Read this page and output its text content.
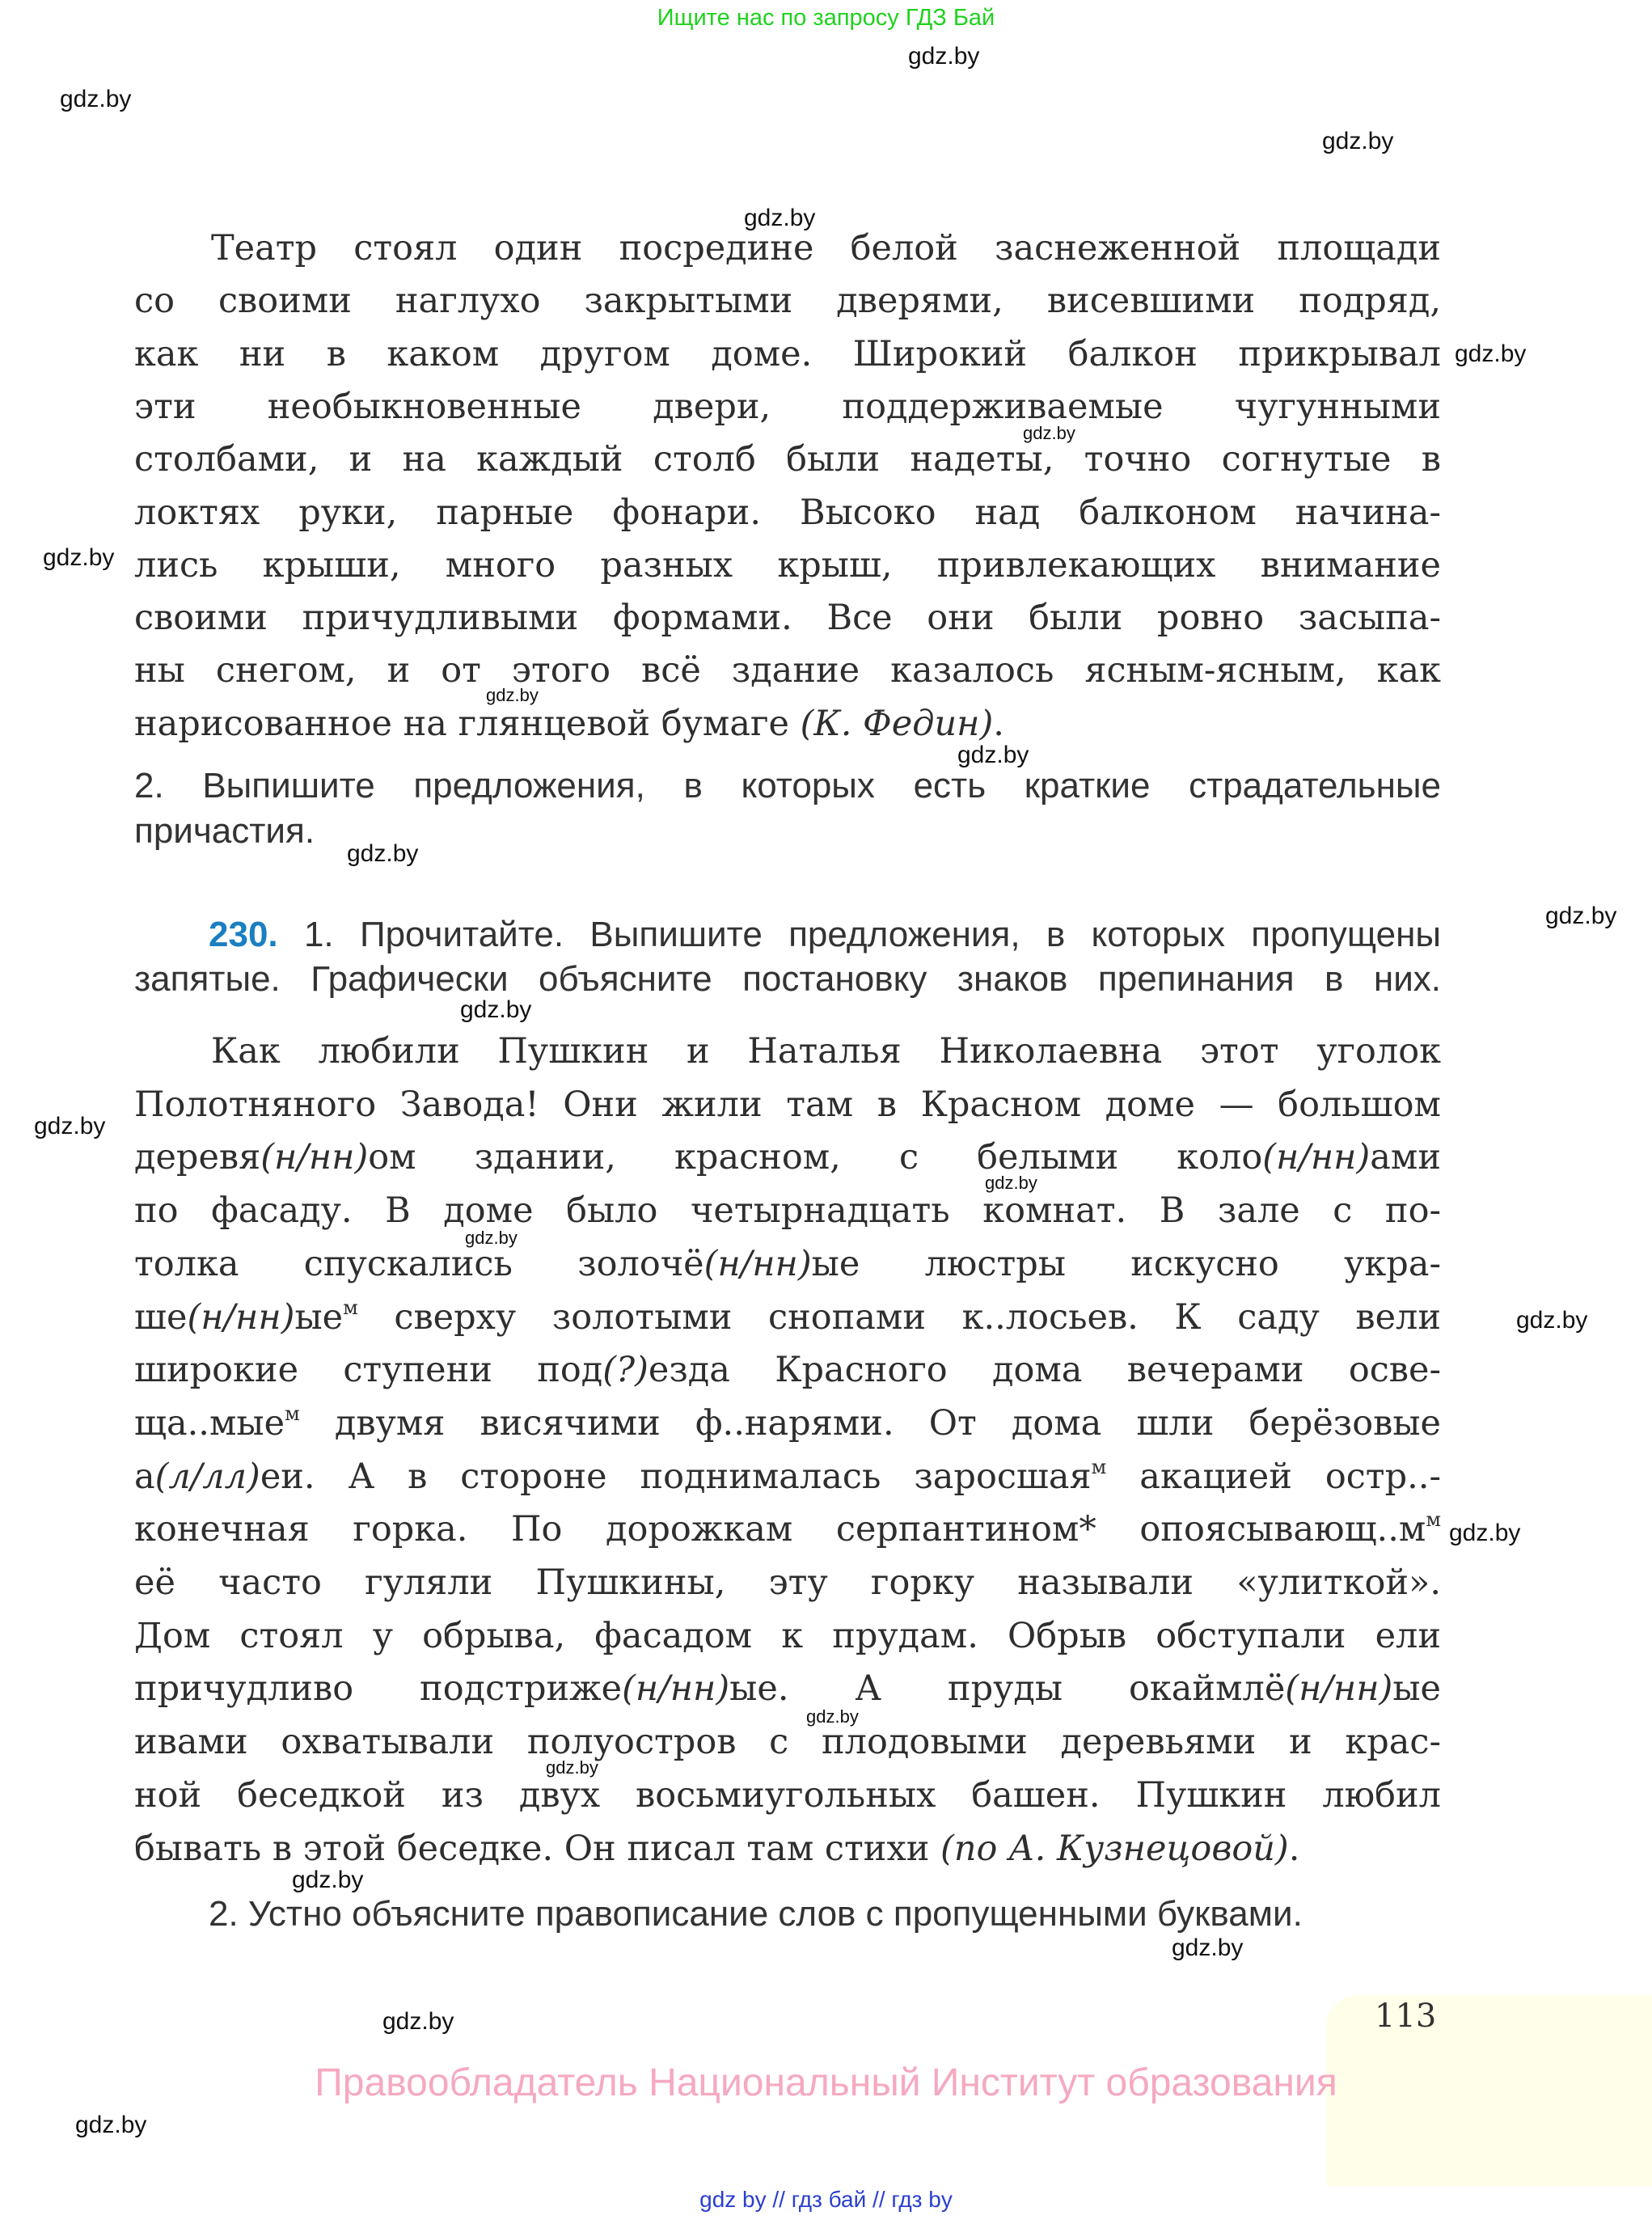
Ищите нас по запросу ГДЗ Бай
gdz.by
gdz.by
gdz.by
gdz.by
gdz.by
gdz.by
gdz.by
gdz.by
gdz.by
gdz.by
gdz.by
gdz.by
gdz.by
gdz.by
gdz.by
gdz.by
gdz.by
gdz.by
gdz.by
gdz.by
gdz.by
gdz.by
gdz.by
Театр стоял один посредине белой заснеженной площади
со своими наглухо закрытыми дверями, висевшими подряд,
как ни в каком другом доме. Широкий балкон прикрывал
эти необыкновенные двери, поддерживаемые чугунными
столбами, и на каждый столб были надеты, точно согнутые в
локтях руки, парные фонари. Высоко над балконом начина-
лись крыши, много разных крыш, привлекающих внимание
своими причудливыми формами. Все они были ровно засыпа-
ны снегом, и от этого всё здание казалось ясным-ясным, как
нарисованное на глянцевой бумаге (К. Федин).
2. Выпишите предложения, в которых есть краткие страдательные
причастия.
230. 1. Прочитайте. Выпишите предложения, в которых пропущены
запятые. Графически объясните постановку знаков препинания в них.
Как любили Пушкин и Наталья Николаевна этот уголок
Полотняного Завода! Они жили там в Красном доме — большом
деревя(н/нн)ом здании, красном, с белыми коло(н/нн)ами
по фасаду. В доме было четырнадцать комнат. В зале с по-
толка спускались золочё(н/нн)ые люстры искусно укра-
$ше(н/нн)ые^м$ сверху золотыми снопами к..лосьев. К саду вели
широкие ступени под(?)езда Красного дома вечерами осве-
ща..мые$^м$ двумя висячими ф..нарями. От дома шли берёзовые
а(л/лл)еи. А в стороне поднималась заросшая$^м$ акацией остр..-
конечная горка. По дорожкам серпантином* $опоясывающ..м^м$
её часто гуляли Пушкины, эту горку называли «улиткой».
Дом стоял у обрыва, фасадом к прудам. Обрыв обступали ели
причудливо подстриже(н/нн)ые. А пруды окаймлё(н/нн)ые
ивами охватывали полуостров с плодовыми деревьями и крас-
ной беседкой из двух восьмиугольных башен. Пушкин любил
бывать в этой беседке. Он писал там стихи (по А. Кузнецовой).
2. Устно объясните правописание слов с пропущенными буквами.
113
Правообладатель Национальный Институт образования
gdz by // гдз бай // гдз by
